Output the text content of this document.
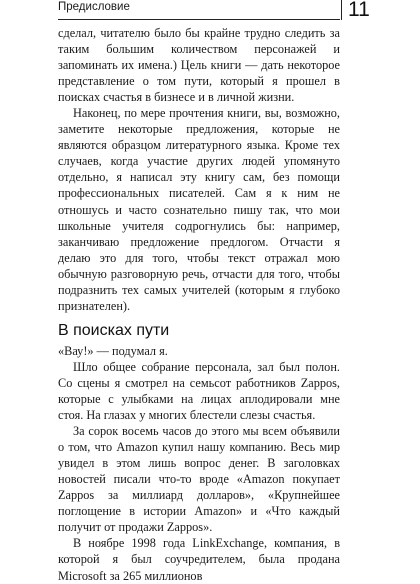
Предисловие	11

сделал, читателю было бы крайне трудно следить за таким большим количеством персонажей и запоминать их имена.) Цель книги — дать некоторое представление о том пути, который я прошел в поисках счастья в бизнесе и в личной жизни.

Наконец, по мере прочтения книги, вы, возможно, заметите некоторые предложения, которые не являются образцом литературного языка. Кроме тех случаев, когда участие других людей упомянуто отдельно, я написал эту книгу сам, без помощи профессиональных писателей. Сам я к ним не отношусь и часто сознательно пишу так, что мои школьные учителя содрогнулись бы: например, заканчиваю предложение предлогом. Отчасти я делаю это для того, чтобы текст отражал мою обычную разговорную речь, отчасти для того, чтобы подразнить тех самых учителей (которым я глубоко признателен).

В поисках пути

«Вау!» — подумал я.

Шло общее собрание персонала, зал был полон. Со сцены я смотрел на семьсот работников Zappos, которые с улыбками на лицах аплодировали мне стоя. На глазах у многих блестели слезы счастья.

За сорок восемь часов до этого мы всем объявили о том, что Amazon купил нашу компанию. Весь мир увидел в этом лишь вопрос денег. В заголовках новостей писали что-то вроде «Amazon покупает Zappos за миллиард долларов», «Крупнейшее поглощение в истории Amazon» и «Что каждый получит от продажи Zappos».

В ноябре 1998 года LinkExchange, компания, в которой я был соучредителем, была продана Microsoft за 265 миллионов
